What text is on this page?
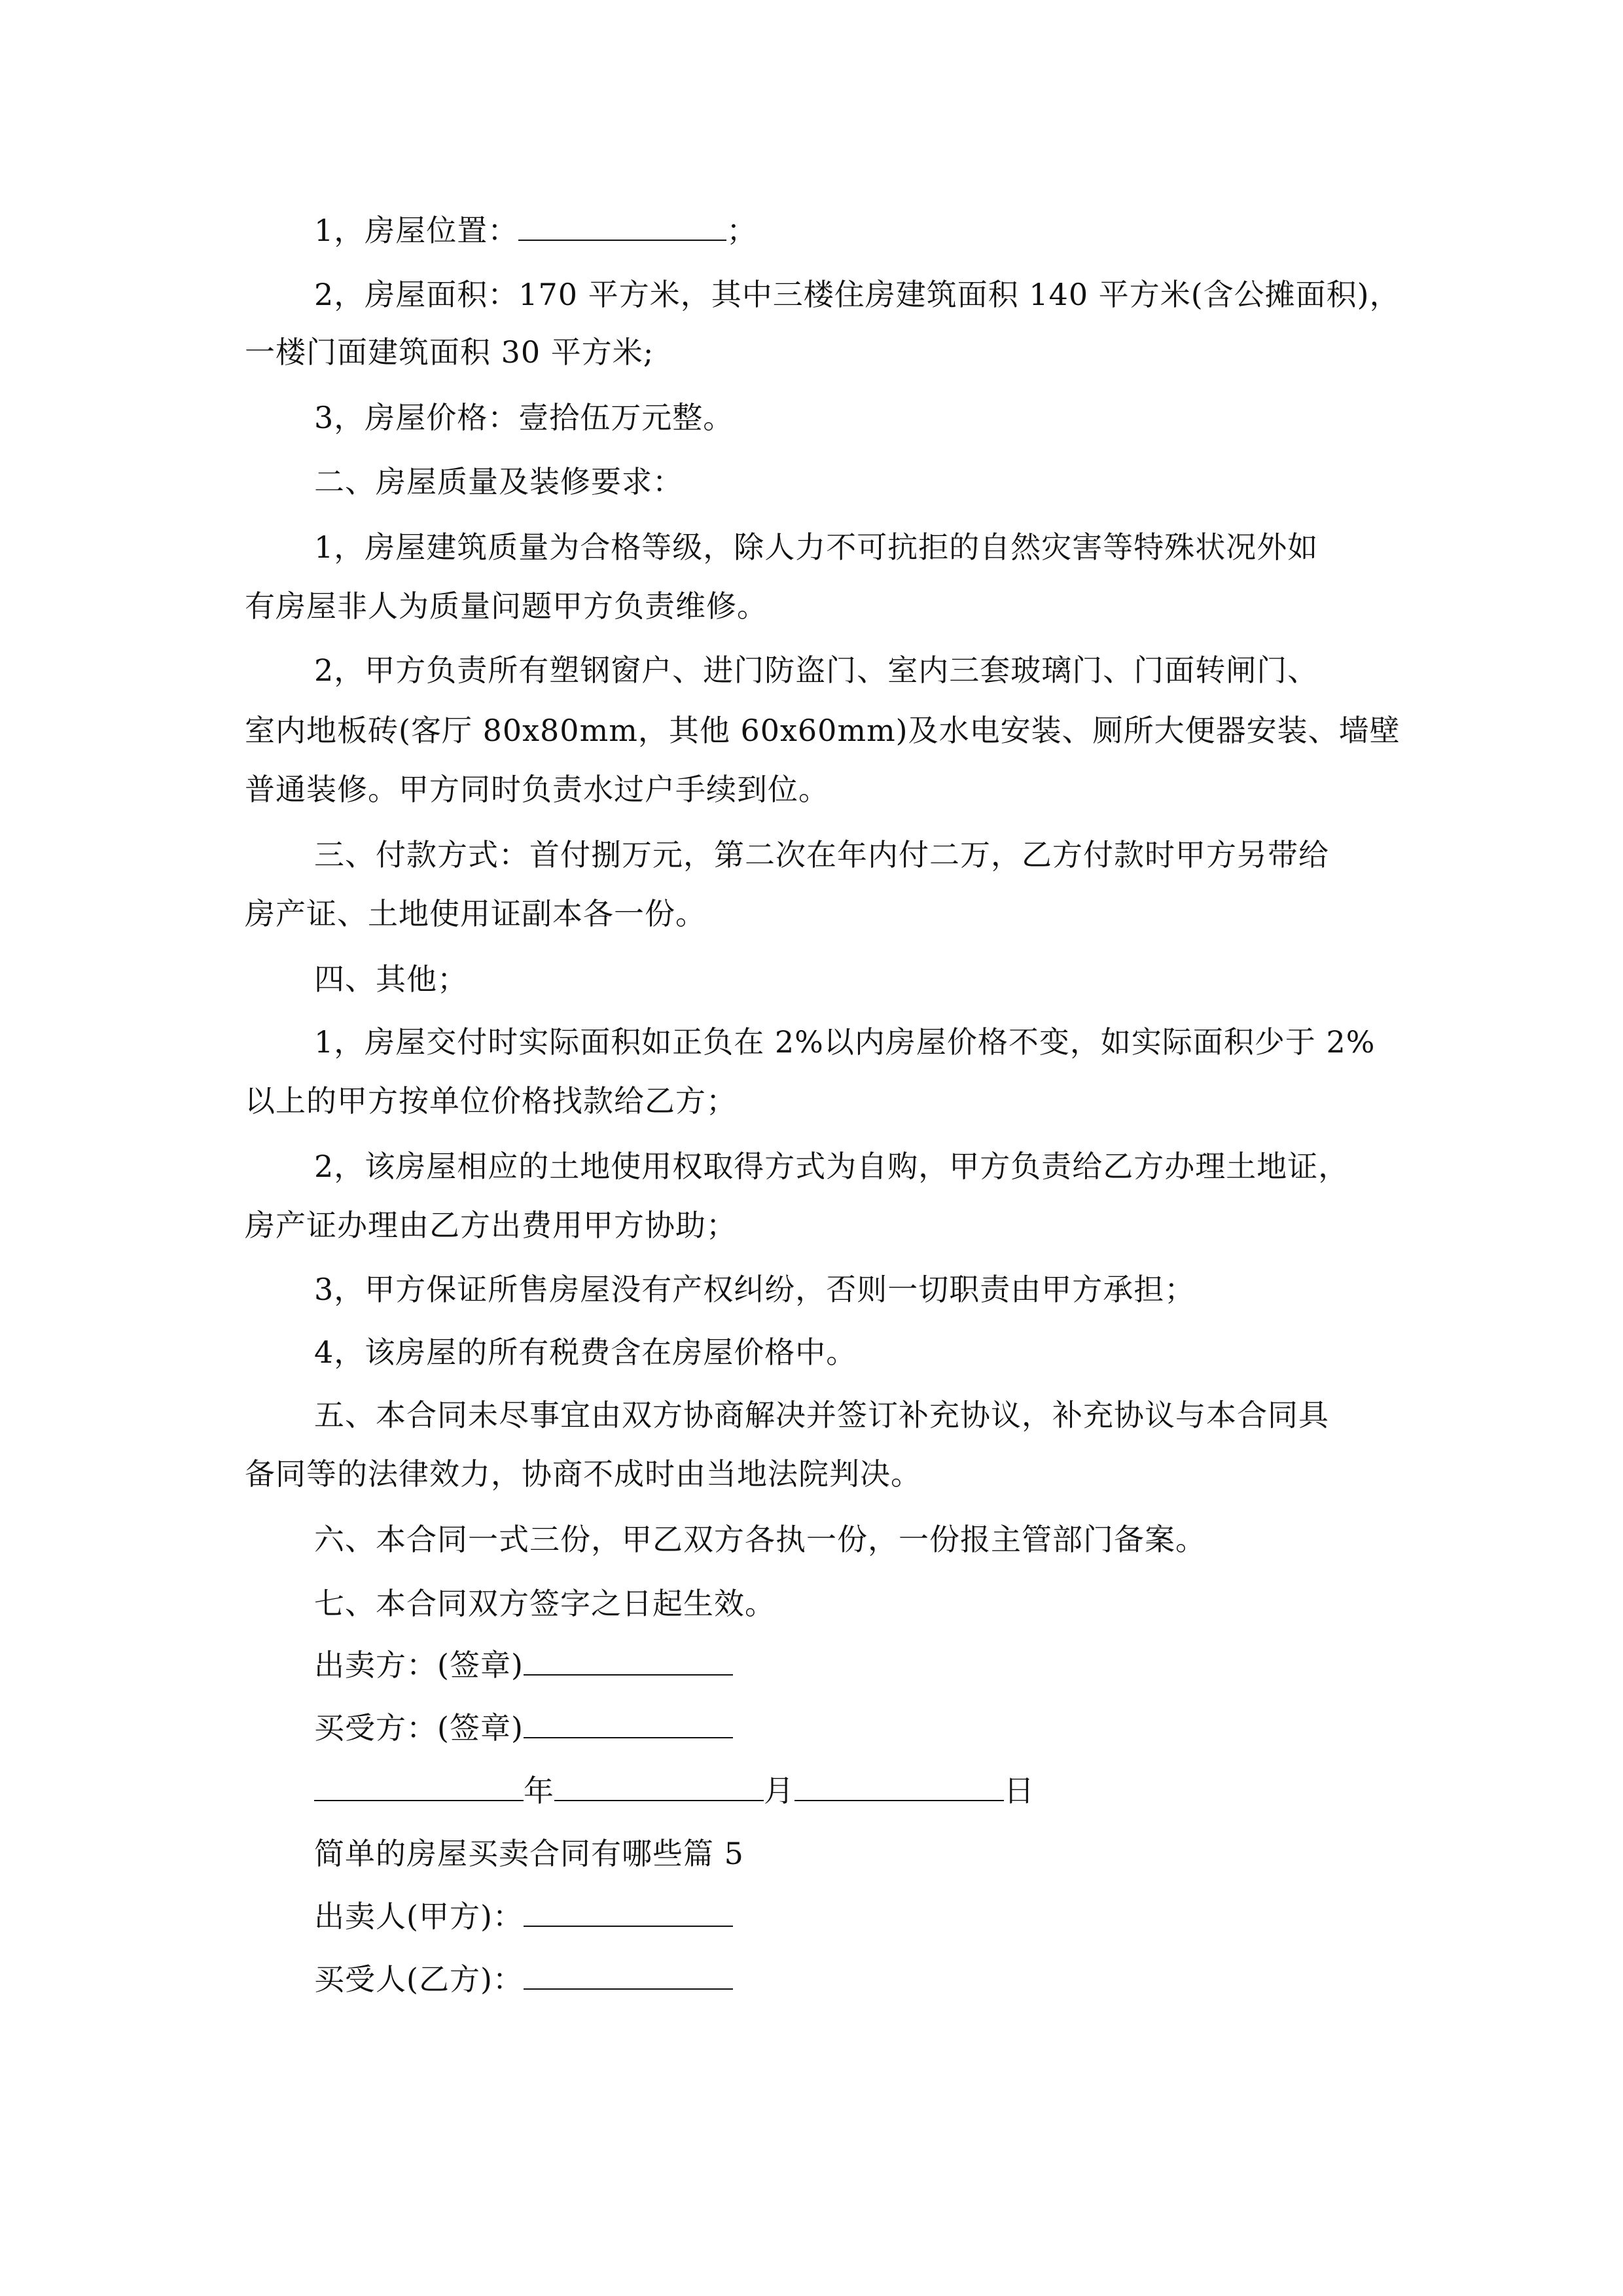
1，房屋位置：	；
2，房屋面积：170 平方米，其中三楼住房建筑面积 140 平方米(含公摊面积)，
一楼门面建筑面积 30 平方米;
3，房屋价格：壹拾伍万元整。
二、房屋质量及装修要求：
1，房屋建筑质量为合格等级，除人力不可抗拒的自然灾害等特殊状况外如
有房屋非人为质量问题甲方负责维修。
2，甲方负责所有塑钢窗户、进门防盗门、室内三套玻璃门、门面转闸门、
室内地板砖(客厅 80x80mm，其他 60x60mm)及水电安装、厕所大便器安装、墙壁
普通装修。甲方同时负责水过户手续到位。
三、付款方式：首付捌万元，第二次在年内付二万，乙方付款时甲方另带给
房产证、土地使用证副本各一份。
四、其他；
1，房屋交付时实际面积如正负在 2%以内房屋价格不变，如实际面积少于 2%
以上的甲方按单位价格找款给乙方；
2，该房屋相应的土地使用权取得方式为自购，甲方负责给乙方办理土地证，
房产证办理由乙方出费用甲方协助；
3，甲方保证所售房屋没有产权纠纷，否则一切职责由甲方承担；
4，该房屋的所有税费含在房屋价格中。
五、本合同未尽事宜由双方协商解决并签订补充协议，补充协议与本合同具
备同等的法律效力，协商不成时由当地法院判决。
六、本合同一式三份，甲乙双方各执一份，一份报主管部门备案。
七、本合同双方签字之日起生效。
出卖方：(签章)
买受方：(签章)
年	月	日
简单的房屋买卖合同有哪些篇 5
出卖人(甲方)：
买受人(乙方)：
